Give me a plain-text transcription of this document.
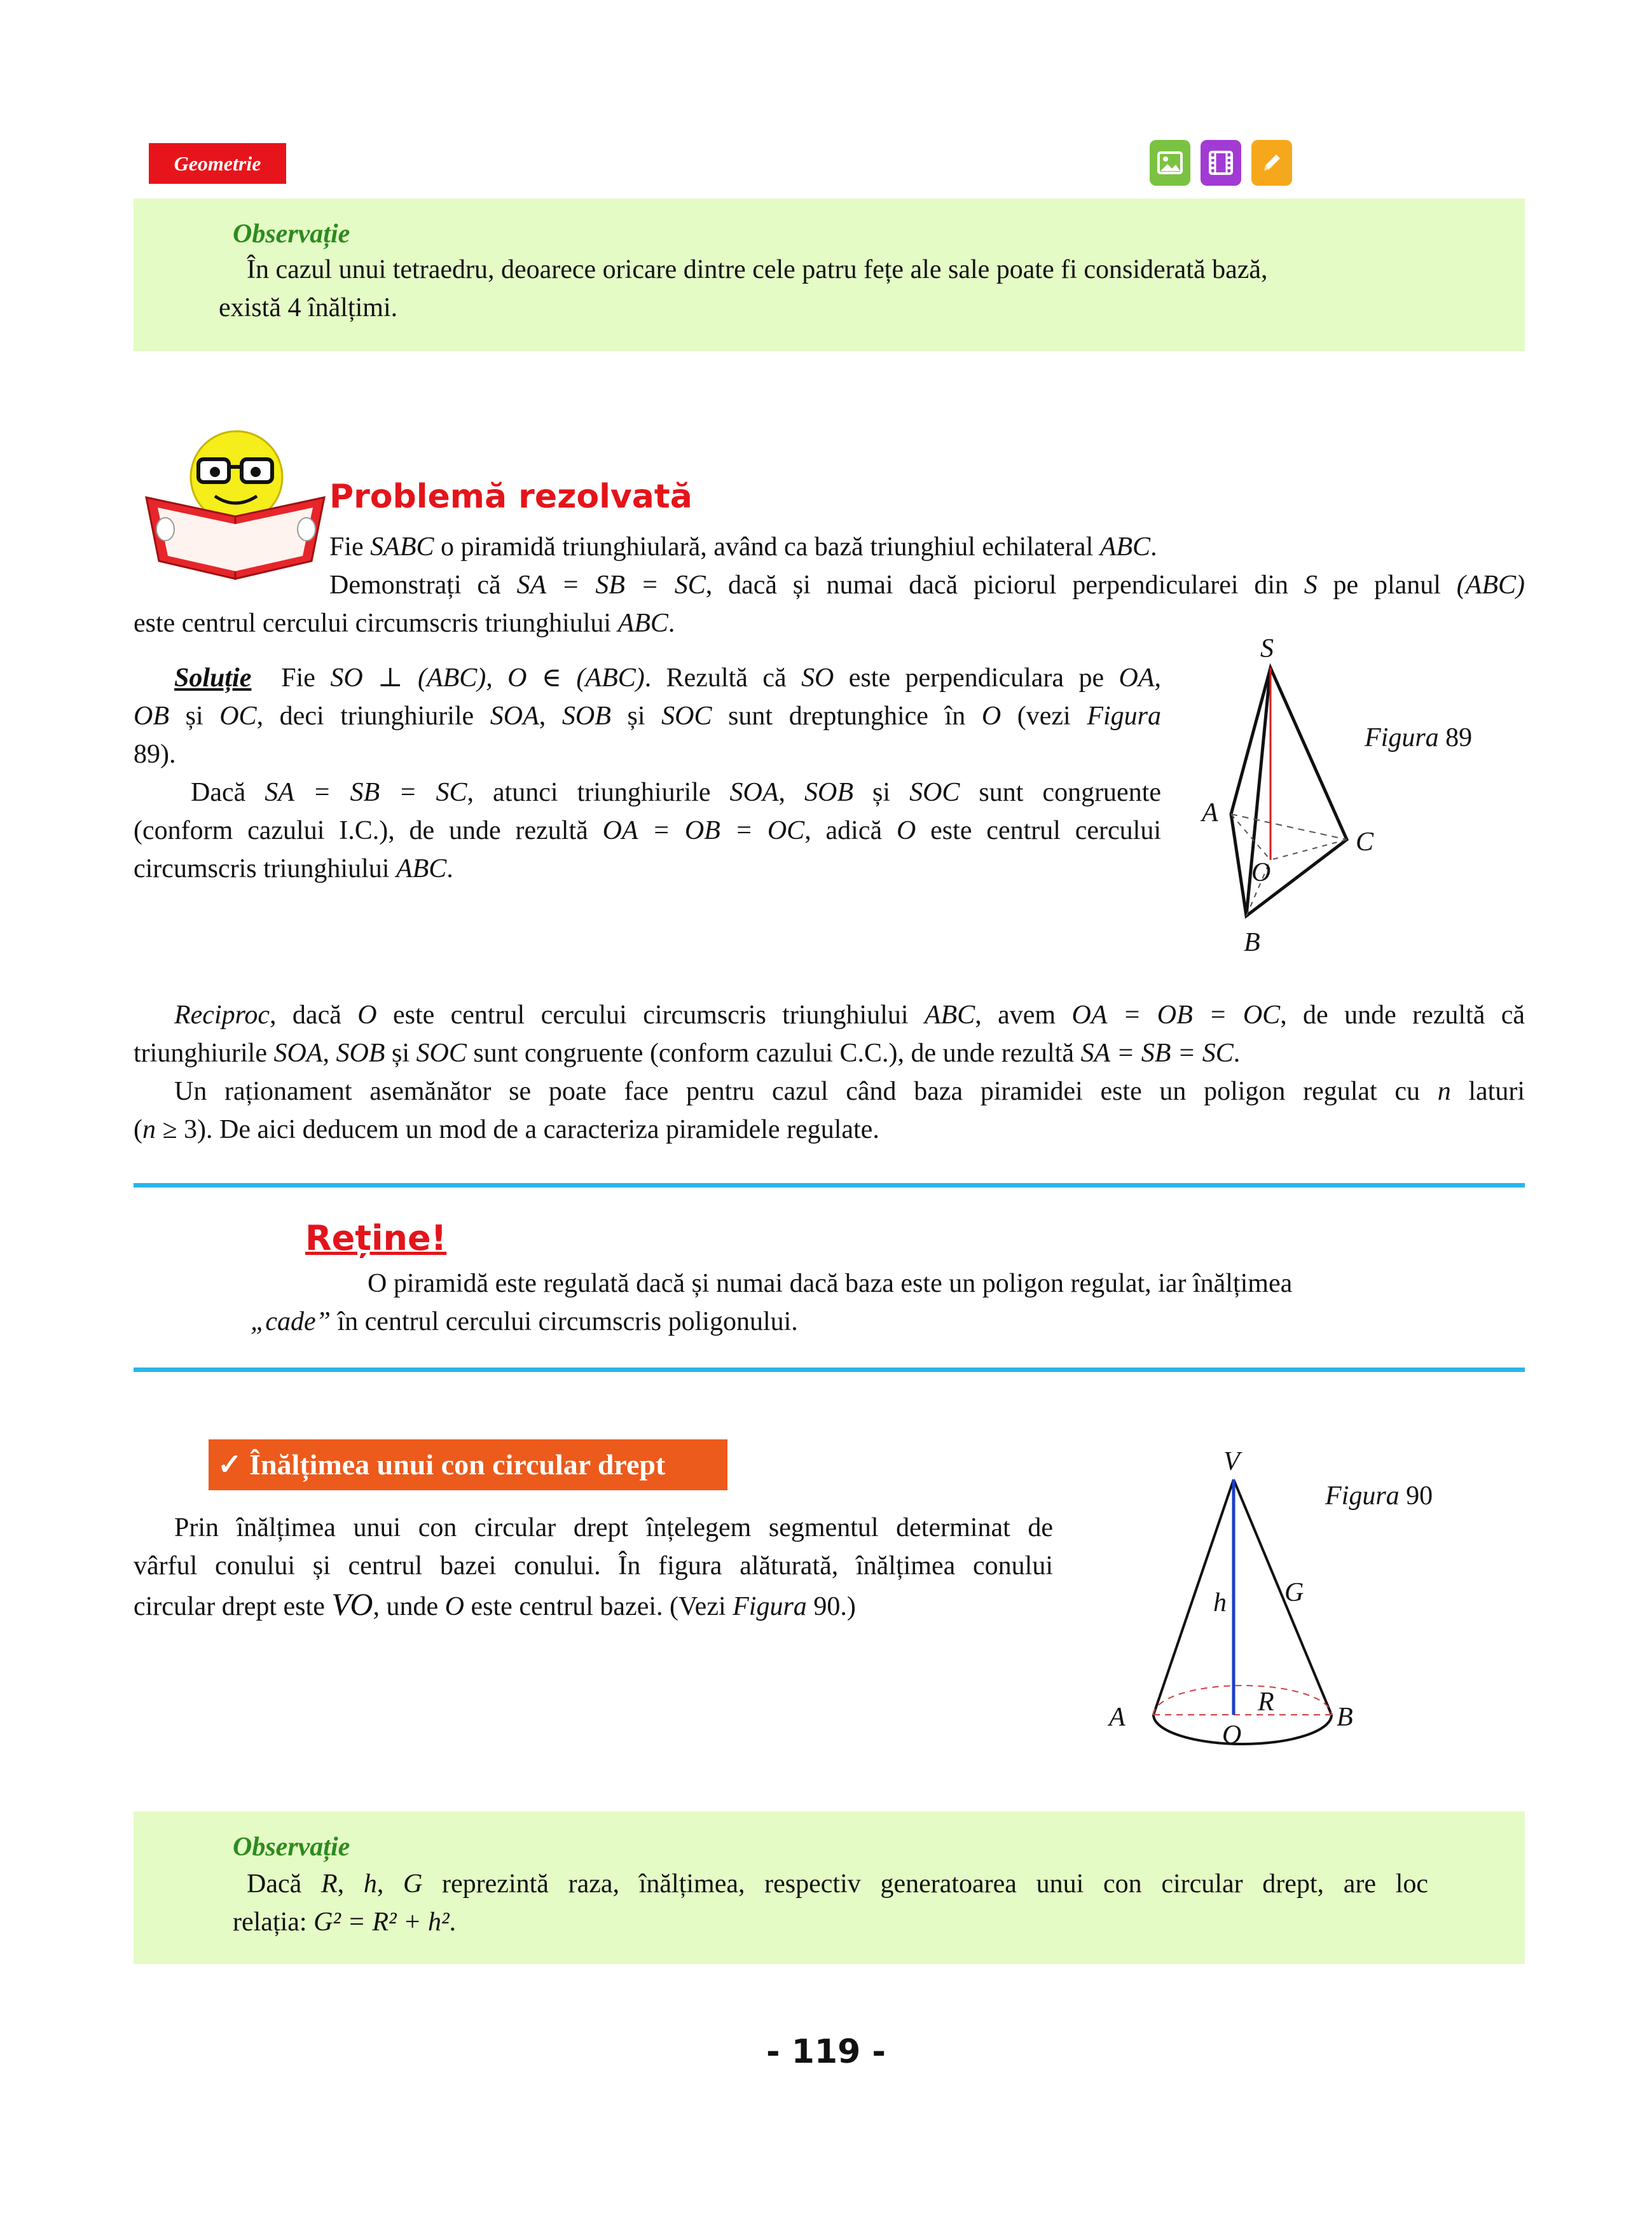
Geometrie
Observație
În cazul unui tetraedru, deoarece oricare dintre cele patru fețe ale sale poate fi considerată bază,
există 4 înălțimi.
Problemă rezolvată
Fie SABC o piramidă triunghiulară, având ca bază triunghiul echilateral ABC.
Demonstrați că SA = SB = SC, dacă și numai dacă piciorul perpendicularei din S pe planul (ABC)
este centrul cercului circumscris triunghiului ABC.
Soluție Fie SO ⊥ (ABC), O ∈ (ABC). Rezultă că SO este perpendiculara pe OA,
OB și OC, deci triunghiurile SOA, SOB și SOC sunt dreptunghice în O (vezi Figura
89).
Dacă SA = SB = SC, atunci triunghiurile SOA, SOB și SOC sunt congruente
(conform cazului I.C.), de unde rezultă OA = OB = OC, adică O este centrul cercului
circumscris triunghiului ABC.
S
A
C
O
B
Figura 89
Reciproc, dacă O este centrul cercului circumscris triunghiului ABC, avem OA = OB = OC, de unde rezultă că
triunghiurile SOA, SOB și SOC sunt congruente (conform cazului C.C.), de unde rezultă SA = SB = SC.
Un raționament asemănător se poate face pentru cazul când baza piramidei este un poligon regulat cu n laturi
(n ≥ 3). De aici deducem un mod de a caracteriza piramidele regulate.
Reține!
O piramidă este regulată dacă și numai dacă baza este un poligon regulat, iar înălțimea
„cade” în centrul cercului circumscris poligonului.
✓ Înălțimea unui con circular drept
Prin înălțimea unui con circular drept înțelegem segmentul determinat de
vârful conului și centrul bazei conului. În figura alăturată, înălțimea conului
circular drept este VO, unde O este centrul bazei. (Vezi Figura 90.)
V
h G
R
A
O
B
Figura 90
Observație
Dacă R, h, G reprezintă raza, înălțimea, respectiv generatoarea unui con circular drept, are loc
relația: G² = R² + h².
- 119 -
